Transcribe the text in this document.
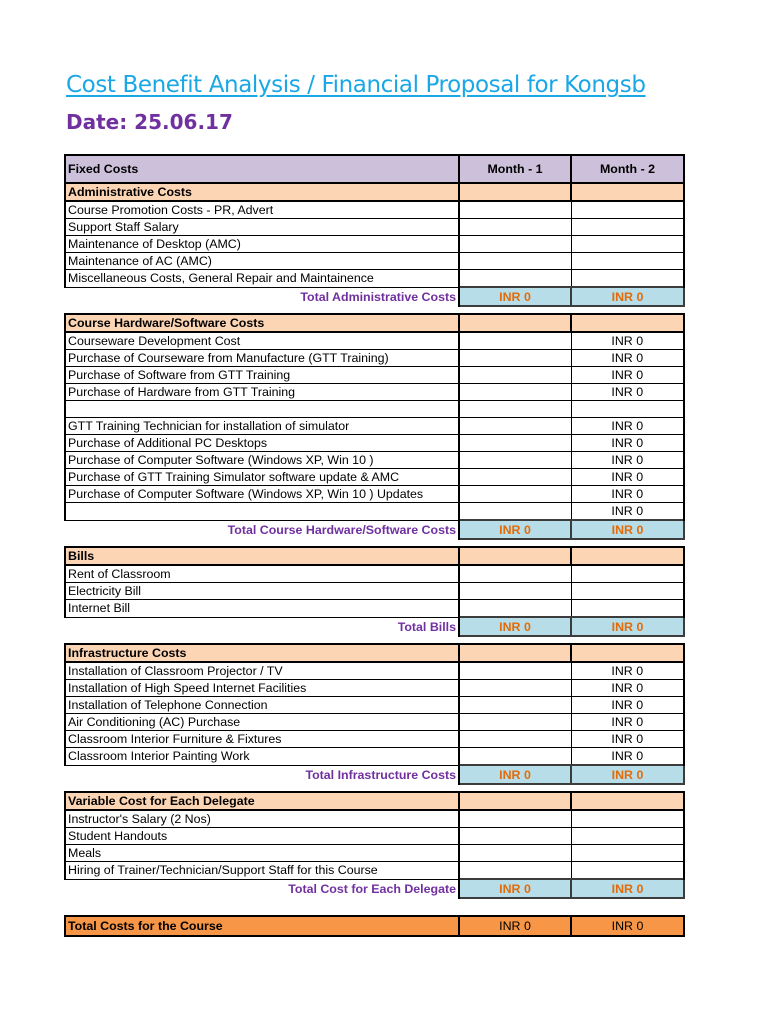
Cost Benefit Analysis / Financial Proposal for Kongsb
Date: 25.06.17
Fixed Costs	Month - 1	Month - 2
Administrative Costs		
Course Promotion Costs - PR, Advert		
Support Staff Salary		
Maintenance of Desktop (AMC)		
Maintenance of AC (AMC)		
Miscellaneous Costs, General Repair and Maintainence		
Total Administrative Costs	INR 0	INR 0

Course Hardware/Software Costs		
Courseware Development Cost		INR 0
Purchase of Courseware from Manufacture (GTT Training)		INR 0
Purchase of Software from GTT Training		INR 0
Purchase of Hardware from GTT Training		INR 0

GTT Training Technician for installation of simulator		INR 0
Purchase of Additional PC Desktops		INR 0
Purchase of Computer Software (Windows XP, Win 10 )		INR 0
Purchase of GTT Training Simulator software update & AMC		INR 0
Purchase of Computer Software (Windows XP, Win 10 ) Updates		INR 0
		INR 0
Total Course Hardware/Software Costs	INR 0	INR 0

Bills		
Rent of Classroom		
Electricity Bill		
Internet Bill		
Total Bills	INR 0	INR 0

Infrastructure Costs		
Installation of Classroom Projector / TV		INR 0
Installation of High Speed Internet Facilities		INR 0
Installation of Telephone Connection		INR 0
Air Conditioning (AC) Purchase		INR 0
Classroom Interior Furniture & Fixtures		INR 0
Classroom Interior Painting Work		INR 0
Total Infrastructure Costs	INR 0	INR 0

Variable Cost for Each Delegate		
Instructor's Salary (2 Nos)		
Student Handouts		
Meals		
Hiring of Trainer/Technician/Support Staff for this Course		
Total Cost for Each Delegate	INR 0	INR 0

Total Costs for the Course	INR 0	INR 0
